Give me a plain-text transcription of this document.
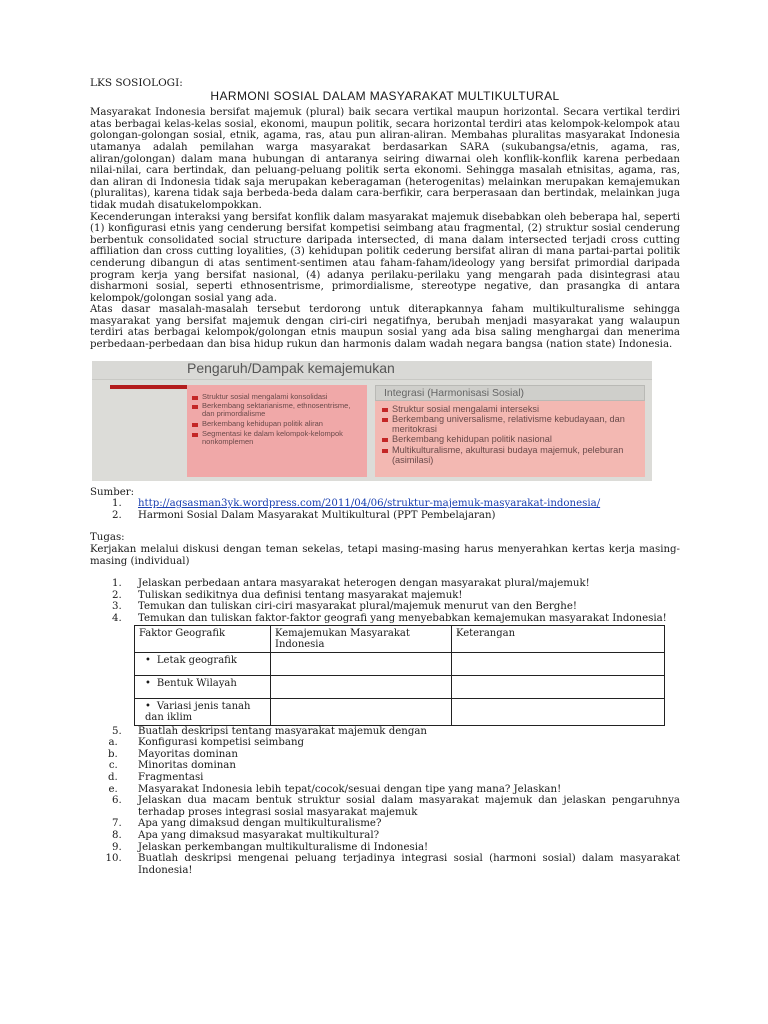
LKS SOSIOLOGI:
HARMONI SOSIAL DALAM MASYARAKAT MULTIKULTURAL

Masyarakat Indonesia bersifat majemuk (plural) baik secara vertikal maupun horizontal. Secara vertikal terdiri atas berbagai kelas-kelas sosial, ekonomi, maupun politik, secara horizontal terdiri atas kelompok-kelompok atau golongan-golongan sosial, etnik, agama, ras, atau pun aliran-aliran. Membahas pluralitas masyarakat Indonesia utamanya adalah pemilahan warga masyarakat berdasarkan SARA (sukubangsa/etnis, agama, ras, aliran/golongan) dalam mana hubungan di antaranya seiring diwarnai oleh konflik-konflik karena perbedaan nilai-nilai, cara bertindak, dan peluang-peluang politik serta ekonomi. Sehingga masalah etnisitas, agama, ras, dan aliran di Indonesia tidak saja merupakan keberagaman (heterogenitas) melainkan merupakan kemajemukan (pluralitas), karena tidak saja berbeda-beda dalam cara-berfikir, cara berperasaan dan bertindak, melainkan juga tidak mudah disatukelompokkan.

Kecenderungan interaksi yang bersifat konflik dalam masyarakat majemuk disebabkan oleh beberapa hal, seperti (1) konfigurasi etnis yang cenderung bersifat kompetisi seimbang atau fragmental, (2) struktur sosial cenderung berbentuk consolidated social structure daripada intersected, di mana dalam intersected terjadi cross cutting affiliation dan cross cutting loyalities, (3) kehidupan politik cederung bersifat aliran di mana partai-partai politik cenderung dibangun di atas sentiment-sentimen atau faham-faham/ideology yang bersifat primordial daripada program kerja yang bersifat nasional, (4) adanya perilaku-perilaku yang mengarah pada disintegrasi atau disharmoni sosial, seperti ethnosentrisme, primordialisme, stereotype negative, dan prasangka di antara kelompok/golongan sosial yang ada.

Atas dasar masalah-masalah tersebut terdorong untuk diterapkannya faham multikulturalisme sehingga masyarakat yang bersifat majemuk dengan ciri-ciri negatifnya, berubah menjadi masyarakat yang walaupun terdiri atas berbagai kelompok/golongan etnis maupun sosial yang ada bisa saling menghargai dan menerima perbedaan-perbedaan dan bisa hidup rukun dan harmonis dalam wadah negara bangsa (nation state) Indonesia.

Pengaruh/Dampak kemajemukan
Integrasi (Harmonisasi Sosial)
Struktur sosial mengalami konsolidasi
Berkembang sektarianisme, ethnosentrisme, dan primordialisme
Berkembang kehidupan politik aliran
Segmentasi ke dalam kelompok-kelompok nonkomplemen
Struktur sosial mengalami interseksi
Berkembang universalisme, relativisme kebudayaan, dan meritokrasi
Berkembang kehidupan politik nasional
Multikulturalisme, akulturasi budaya majemuk, peleburan (asimilasi)
Sumber:
1. http://agsasman3yk.wordpress.com/2011/04/06/struktur-majemuk-masyarakat-indonesia/
2. Harmoni Sosial Dalam Masyarakat Multikultural (PPT Pembelajaran)
Tugas:

Kerjakan melalui diskusi dengan teman sekelas, tetapi masing-masing harus menyerahkan kertas kerja masing-masing (individual)

1. Jelaskan perbedaan antara masyarakat heterogen dengan masyarakat plural/majemuk!
2. Tuliskan sedikitnya dua definisi tentang masyarakat majemuk!
3. Temukan dan tuliskan ciri-ciri masyarakat plural/majemuk menurut van den Berghe!

4. Temukan dan tuliskan faktor-faktor geografi yang menyebabkan kemajemukan masyarakat Indonesia!

Faktor Geografik	Kemajemukan Masyarakat Indonesia	Keterangan

• Letak geografik

• Bentuk Wilayah

• Variasi jenis tanah dan iklim

5. Buatlah deskripsi tentang masyarakat majemuk dengan
a. Konfigurasi kompetisi seimbang
b. Mayoritas dominan
c. Minoritas dominan
d. Fragmentasi
e. Masyarakat Indonesia lebih tepat/cocok/sesuai dengan tipe yang mana? Jelaskan!

6. Jelaskan dua macam bentuk struktur sosial dalam masyarakat majemuk dan jelaskan pengaruhnya terhadap proses integrasi sosial masyarakat majemuk

7. Apa yang dimaksud dengan multikulturalisme?
8. Apa yang dimaksud masyarakat multikultural?
9. Jelaskan perkembangan multikulturalisme di Indonesia!

10. Buatlah deskripsi mengenai peluang terjadinya integrasi sosial (harmoni sosial) dalam masyarakat Indonesia!
